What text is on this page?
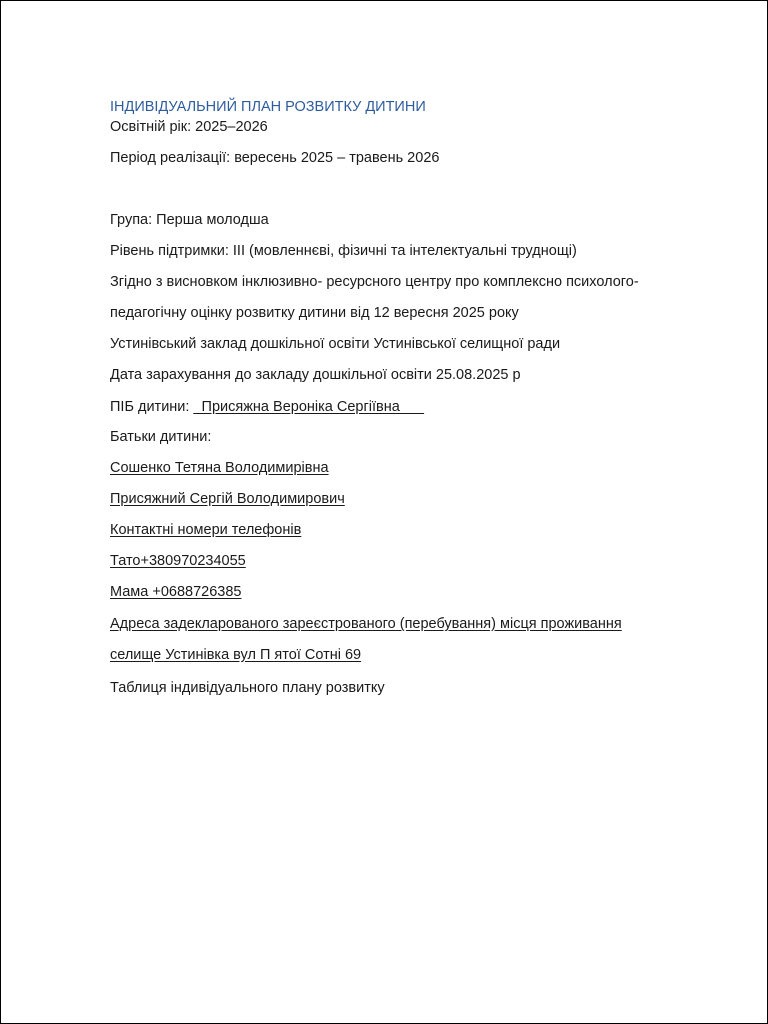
ІНДИВІДУАЛЬНИЙ ПЛАН РОЗВИТКУ ДИТИНИ
Освітній рік: 2025–2026
Період реалізації: вересень 2025 – травень 2026
Група: Перша молодша
Рівень підтримки: ІІІ (мовленнєві, фізичні та інтелектуальні труднощі)
Згідно з висновком інклюзивно- ресурсного центру про комплексно психолого-
педагогічну оцінку розвитку дитини від 12 вересня 2025 року
Устинівський заклад дошкільної освіти Устинівської селищної ради
Дата зарахування до закладу дошкільної освіти 25.08.2025 р
ПІБ дитини: _Присяжна Вероніка Сергіївна___
Батьки дитини:
Сошенко Тетяна Володимирівна
Присяжний Сергій Володимирович
Контактні номери телефонів
Тато+380970234055
Мама +0688726385
Адреса задекларованого зареєстрованого (перебування) місця проживання
селище Устинівка вул П ятої Сотні 69
Таблиця індивідуального плану розвитку
